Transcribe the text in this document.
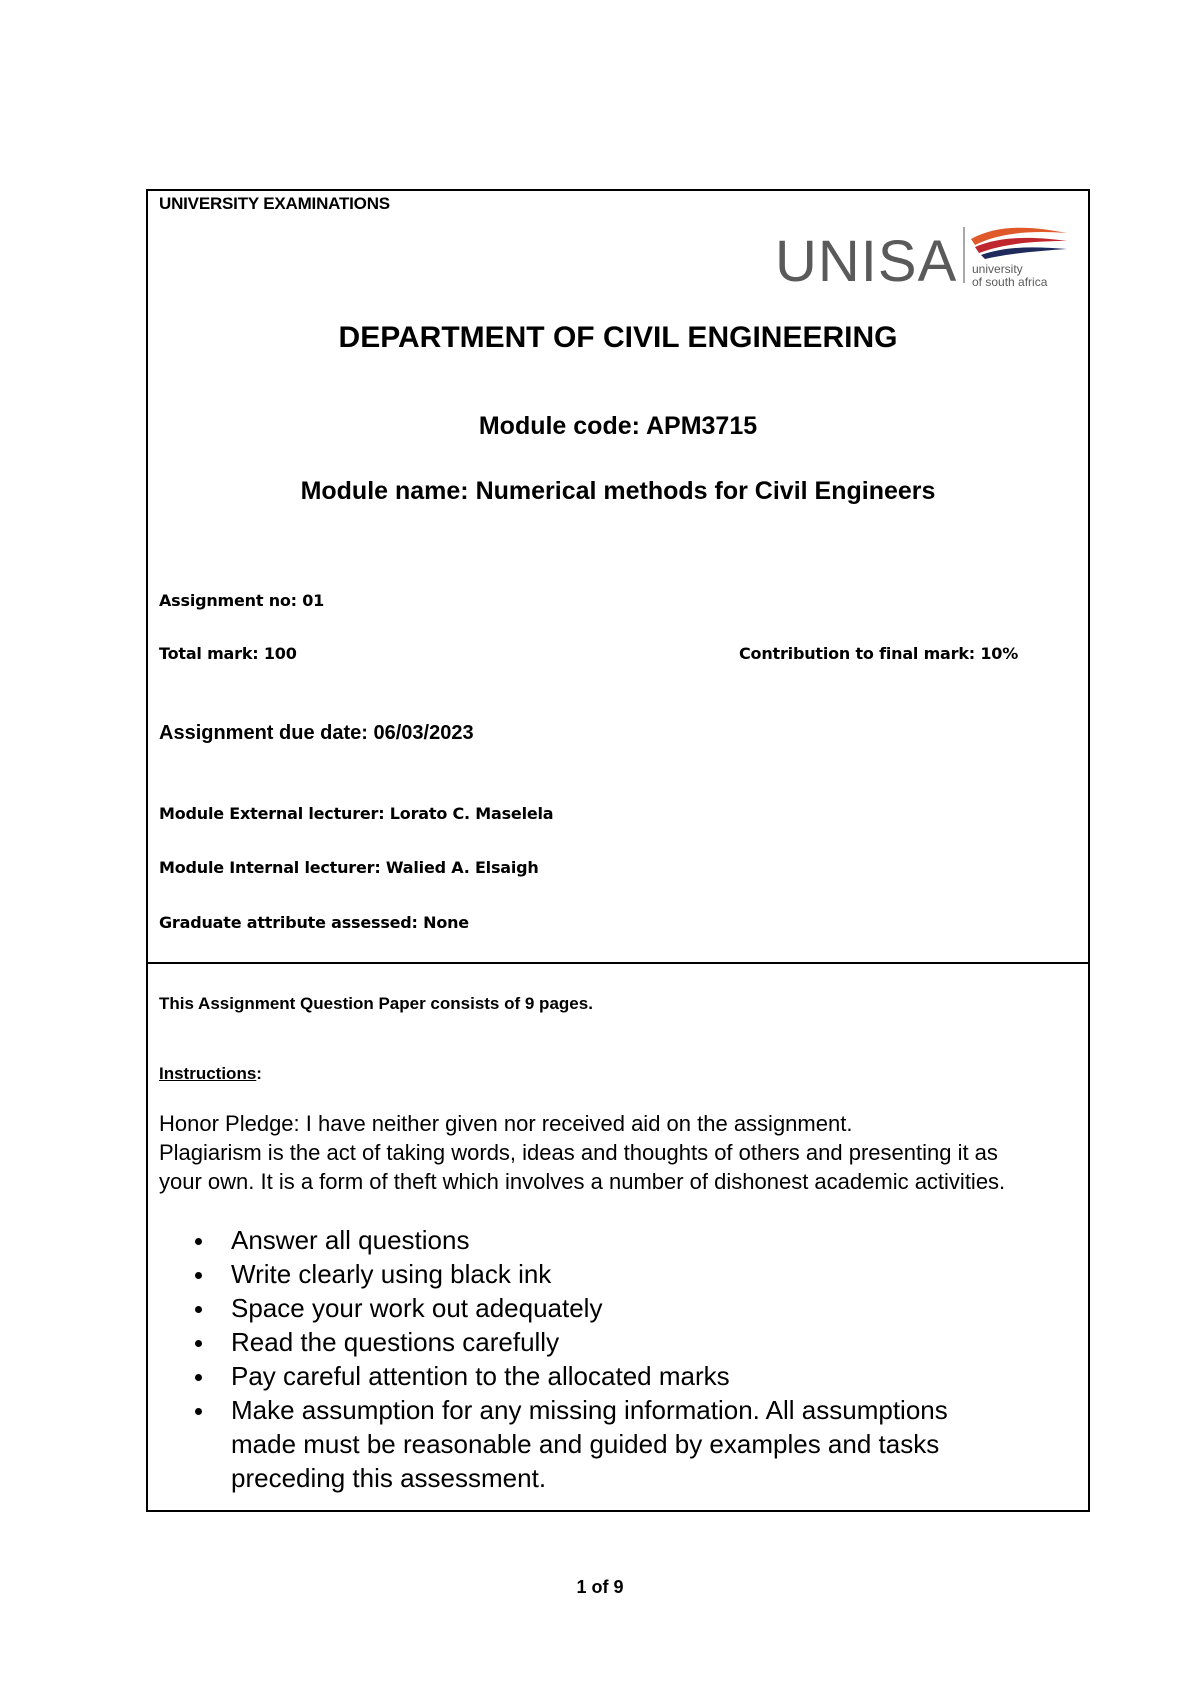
UNIVERSITY EXAMINATIONS
UNISA university
of south africa
DEPARTMENT OF CIVIL ENGINEERING
Module code: APM3715
Module name: Numerical methods for Civil Engineers
Assignment no: 01
Total mark: 100	Contribution to final mark: 10%
Assignment due date: 06/03/2023
Module External lecturer: Lorato C. Maselela
Module Internal lecturer: Walied A. Elsaigh
Graduate attribute assessed: None
This Assignment Question Paper consists of 9 pages.
Instructions:
Honor Pledge: I have neither given nor received aid on the assignment.
Plagiarism is the act of taking words, ideas and thoughts of others and presenting it as
your own. It is a form of theft which involves a number of dishonest academic activities.
Answer all questions
Write clearly using black ink
Space your work out adequately
Read the questions carefully
Pay careful attention to the allocated marks
Make assumption for any missing information. All assumptions
made must be reasonable and guided by examples and tasks
preceding this assessment.
1 of 9
